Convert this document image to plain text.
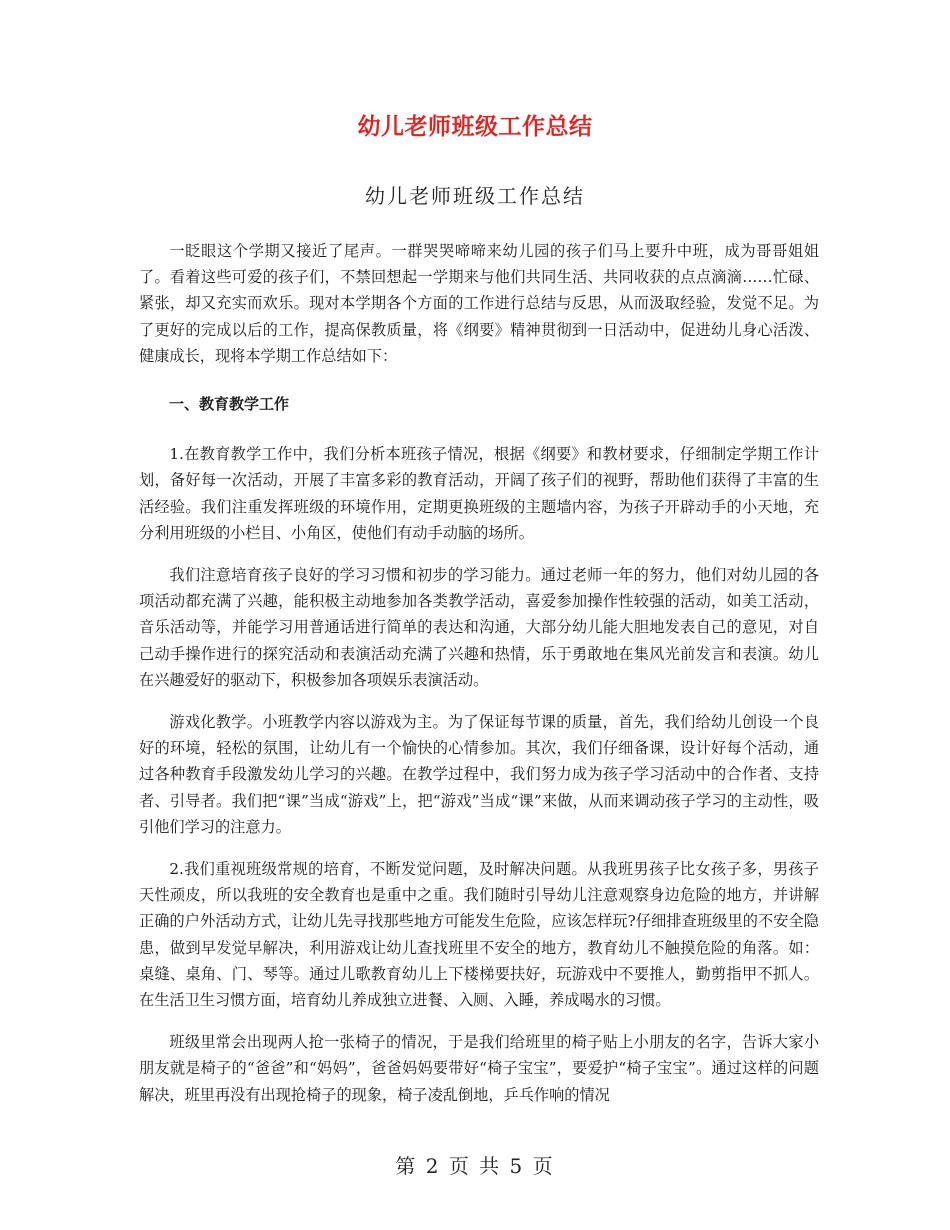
幼儿老师班级工作总结
幼儿老师班级工作总结

一眨眼这个学期又接近了尾声。一群哭哭啼啼来幼儿园的孩子们马上要升中班，成为哥哥姐姐了。看着这些可爱的孩子们，不禁回想起一学期来与他们共同生活、共同收获的点点滴滴……忙碌、紧张，却又充实而欢乐。现对本学期各个方面的工作进行总结与反思，从而汲取经验，发觉不足。为了更好的完成以后的工作，提高保教质量，将《纲要》精神贯彻到一日活动中，促进幼儿身心活泼、健康成长，现将本学期工作总结如下：

一、教育教学工作

1.在教育教学工作中，我们分析本班孩子情况，根据《纲要》和教材要求，仔细制定学期工作计划，备好每一次活动，开展了丰富多彩的教育活动，开阔了孩子们的视野，帮助他们获得了丰富的生活经验。我们注重发挥班级的环境作用，定期更换班级的主题墙内容，为孩子开辟动手的小天地，充分利用班级的小栏目、小角区，使他们有动手动脑的场所。

我们注意培育孩子良好的学习习惯和初步的学习能力。通过老师一年的努力，他们对幼儿园的各项活动都充满了兴趣，能积极主动地参加各类教学活动，喜爱参加操作性较强的活动，如美工活动，音乐活动等，并能学习用普通话进行简单的表达和沟通，大部分幼儿能大胆地发表自己的意见，对自己动手操作进行的探究活动和表演活动充满了兴趣和热情，乐于勇敢地在集风光前发言和表演。幼儿在兴趣爱好的驱动下，积极参加各项娱乐表演活动。

游戏化教学。小班教学内容以游戏为主。为了保证每节课的质量，首先，我们给幼儿创设一个良好的环境，轻松的氛围，让幼儿有一个愉快的心情参加。其次，我们仔细备课，设计好每个活动，通过各种教育手段激发幼儿学习的兴趣。在教学过程中，我们努力成为孩子学习活动中的合作者、支持者、引导者。我们把“课”当成“游戏”上，把“游戏”当成“课”来做，从而来调动孩子学习的主动性，吸引他们学习的注意力。

2.我们重视班级常规的培育，不断发觉问题，及时解决问题。从我班男孩子比女孩子多，男孩子天性顽皮，所以我班的安全教育也是重中之重。我们随时引导幼儿注意观察身边危险的地方，并讲解正确的户外活动方式，让幼儿先寻找那些地方可能发生危险，应该怎样玩?仔细排查班级里的不安全隐患，做到早发觉早解决，利用游戏让幼儿查找班里不安全的地方，教育幼儿不触摸危险的角落。如：桌缝、桌角、门、琴等。通过儿歌教育幼儿上下楼梯要扶好，玩游戏中不要推人，勤剪指甲不抓人。在生活卫生习惯方面，培育幼儿养成独立进餐、入厕、入睡，养成喝水的习惯。

班级里常会出现两人抢一张椅子的情况，于是我们给班里的椅子贴上小朋友的名字，告诉大家小朋友就是椅子的“爸爸”和“妈妈”，爸爸妈妈要带好“椅子宝宝”，要爱护“椅子宝宝”。通过这样的问题解决，班里再没有出现抢椅子的现象，椅子凌乱倒地，乒乓作响的情况

第 2 页 共 5 页
